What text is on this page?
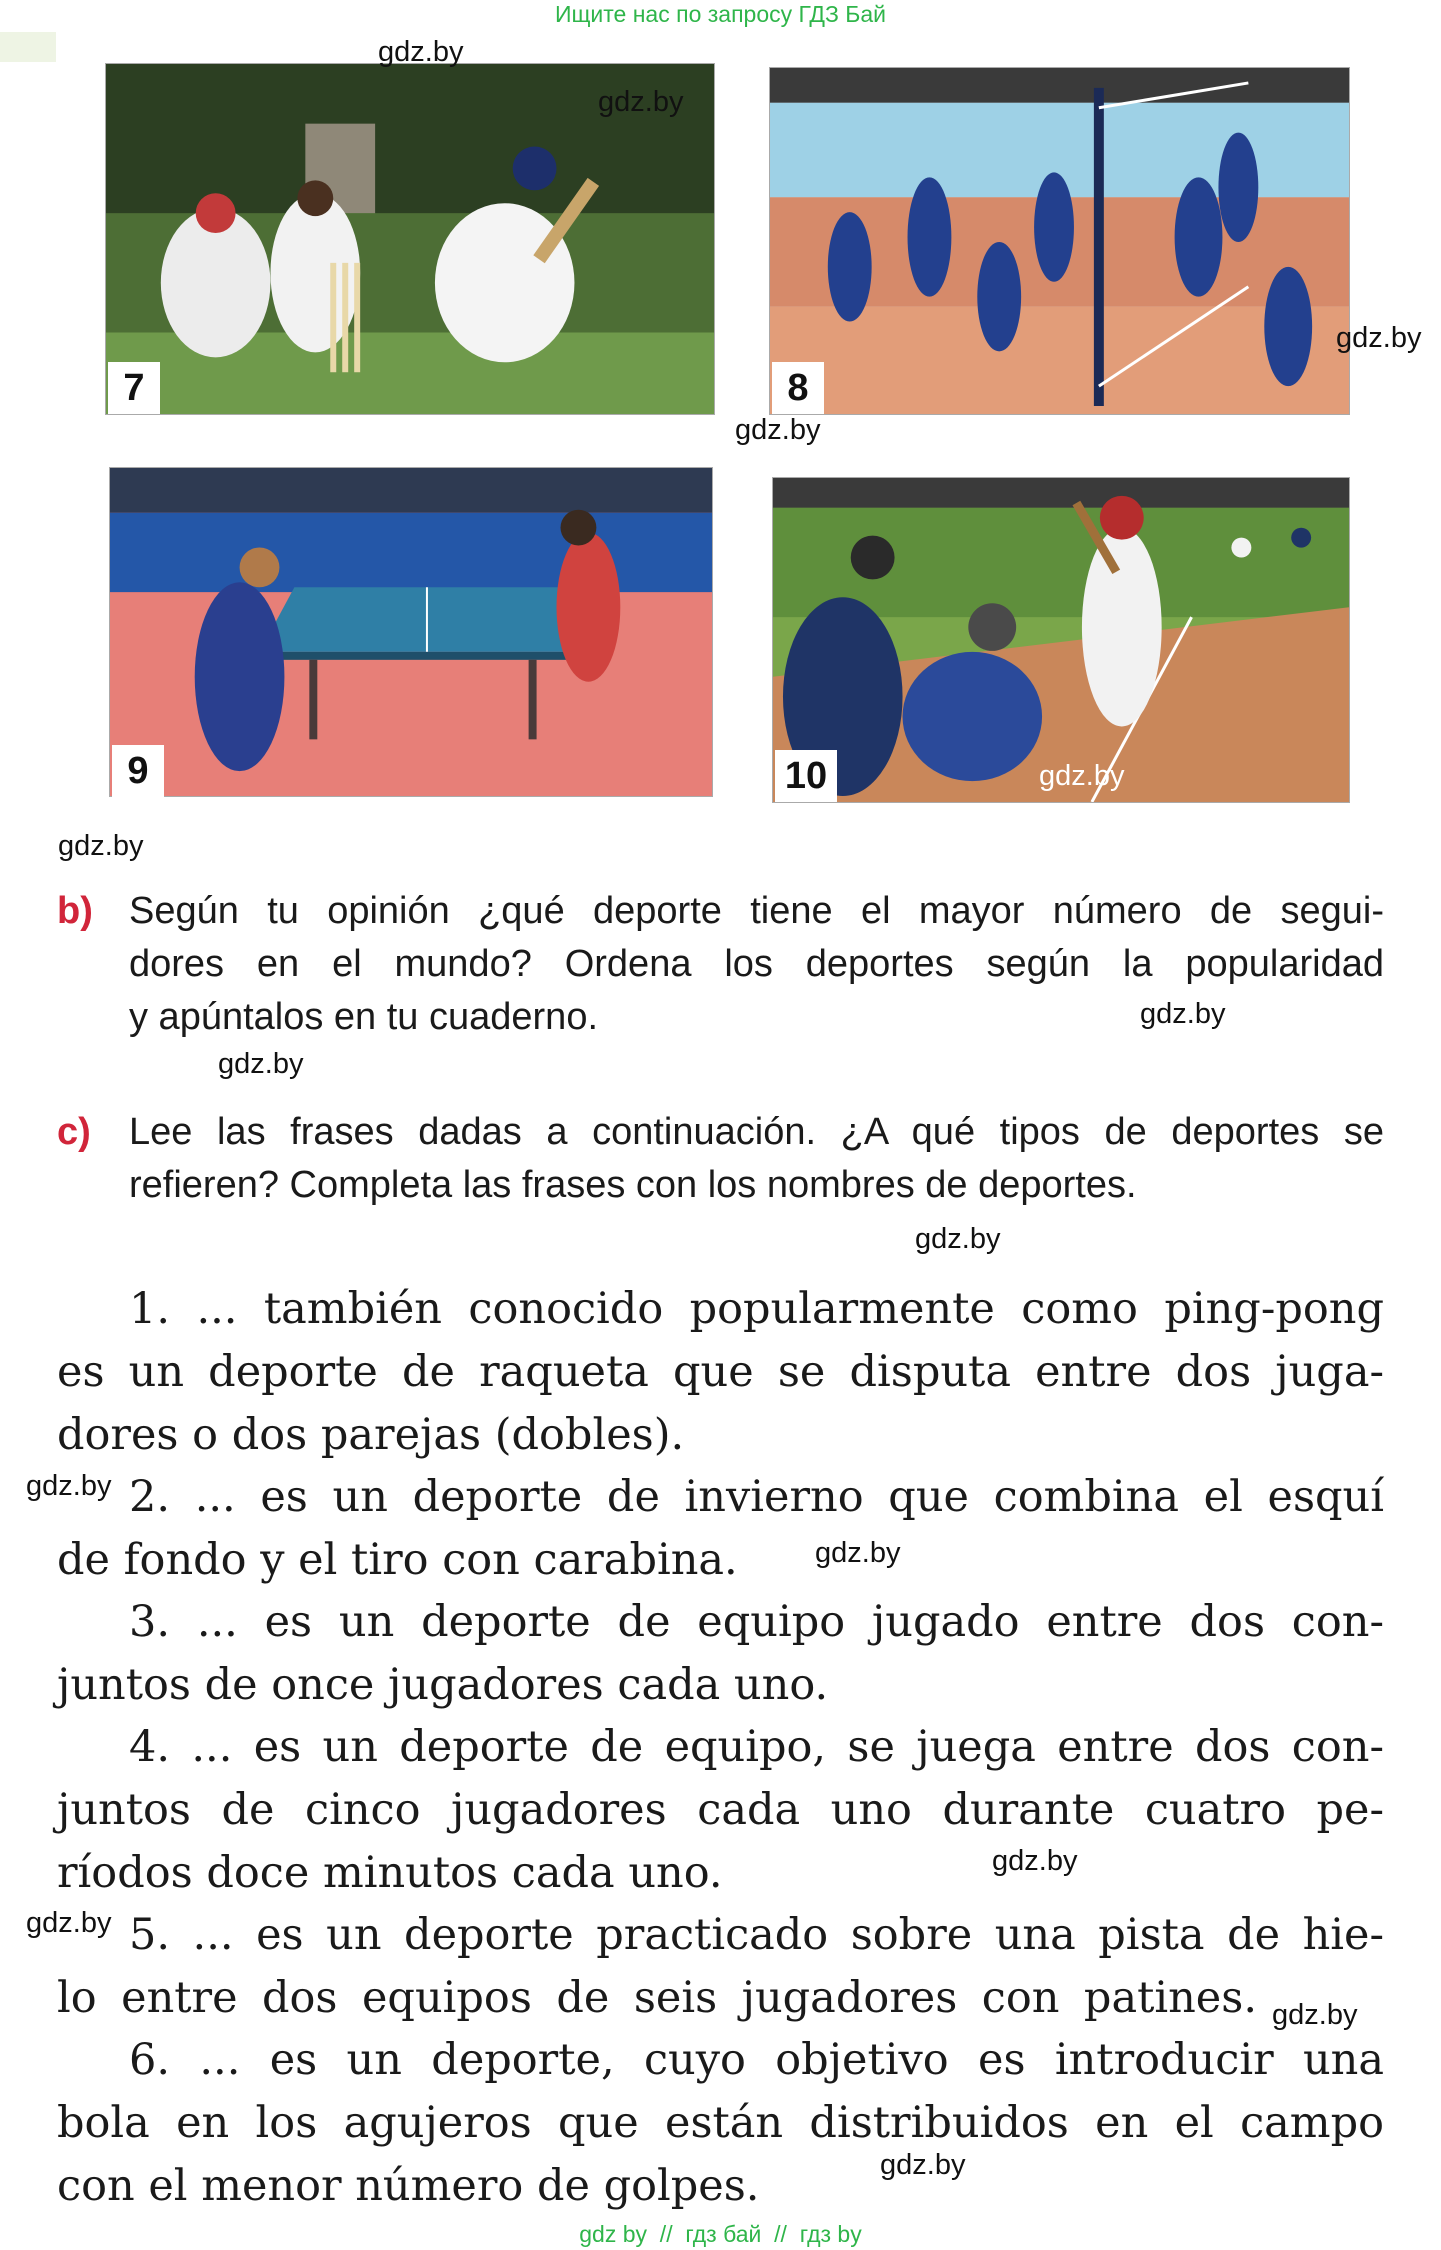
Ищите нас по запросу ГДЗ Бай
7	8
9	10
gdz.by
gdz.by
gdz.by
gdz.by
gdz.by
gdz.by
b) Según tu opinión ¿qué deporte tiene el mayor número de segui-
dores en el mundo? Ordena los deportes según la popularidad
y apúntalos en tu cuaderno.	gdz.by
gdz.by
c) Lee las frases dadas a continuación. ¿A qué tipos de deportes se
refieren? Completa las frases con los nombres de deportes.
gdz.by
1. ... también conocido popularmente como ping-pong
es un deporte de raqueta que se disputa entre dos juga-
dores o dos parejas (dobles).
gdz.by 2. ... es un deporte de invierno que combina el esquí
de fondo y el tiro con carabina.	gdz.by
3. ... es un deporte de equipo jugado entre dos con-
juntos de once jugadores cada uno.
4. ... es un deporte de equipo, se juega entre dos con-
juntos de cinco jugadores cada uno durante cuatro pe-
ríodos doce minutos cada uno.	gdz.by
gdz.by 5. ... es un deporte practicado sobre una pista de hie-
lo entre dos equipos de seis jugadores con patines. gdz.by
6. ... es un deporte, cuyo objetivo es introducir una
bola en los agujeros que están distribuidos en el campo
con el menor número de golpes.	gdz.by
gdz by  //  гдз бай  //  гдз by
